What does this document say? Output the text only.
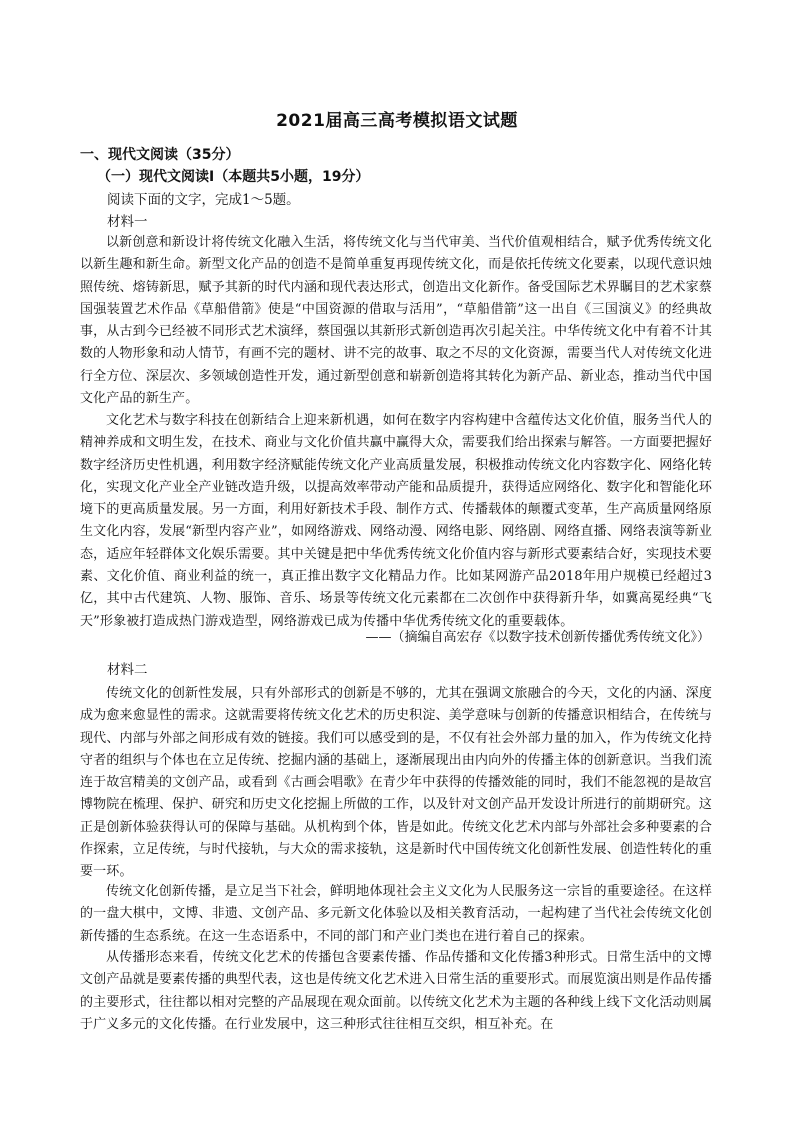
2021届高三高考模拟语文试题
一、现代文阅读（35分）
（一）现代文阅读Ⅰ（本题共5小题，19分）
阅读下面的文字，完成1～5题。
材料一

以新创意和新设计将传统文化融入生活，将传统文化与当代审美、当代价值观相结合，赋予优秀传统文化以新生趣和新生命。新型文化产品的创造不是简单重复再现传统文化，而是依托传统文化要素，以现代意识烛照传统、熔铸新思，赋予其新的时代内涵和现代表达形式，创造出文化新作。备受国际艺术界瞩目的艺术家蔡国强装置艺术作品《草船借箭》使是“中国资源的借取与活用”，“草船借箭”这一出自《三国演义》的经典故事，从古到今已经被不同形式艺术演绎，蔡国强以其新形式新创造再次引起关注。中华传统文化中有着不计其数的人物形象和动人情节，有画不完的题材、讲不完的故事、取之不尽的文化资源，需要当代人对传统文化进行全方位、深层次、多领域创造性开发，通过新型创意和崭新创造将其转化为新产品、新业态，推动当代中国文化产品的新生产。

文化艺术与数字科技在创新结合上迎来新机遇，如何在数字内容构建中含蕴传达文化价值，服务当代人的精神养成和文明生发，在技术、商业与文化价值共赢中赢得大众，需要我们给出探索与解答。一方面要把握好数字经济历史性机遇，利用数字经济赋能传统文化产业高质量发展，积极推动传统文化内容数字化、网络化转化，实现文化产业全产业链改造升级，以提高效率带动产能和品质提升，获得适应网络化、数字化和智能化环境下的更高质量发展。另一方面，利用好新技术手段、制作方式、传播载体的颠覆式变革，生产高质量网络原生文化内容，发展“新型内容产业”，如网络游戏、网络动漫、网络电影、网络剧、网络直播、网络表演等新业态，适应年轻群体文化娱乐需要。其中关键是把中华优秀传统文化价值内容与新形式要素结合好，实现技术要素、文化价值、商业利益的统一，真正推出数字文化精品力作。比如某网游产品2018年用户规模已经超过3亿，其中古代建筑、人物、服饰、音乐、场景等传统文化元素都在二次创作中获得新升华，如冀高冕经典“飞天”形象被打造成热门游戏造型，网络游戏已成为传播中华优秀传统文化的重要载体。

——（摘编自高宏存《以数字技术创新传播优秀传统文化》）
材料二

传统文化的创新性发展，只有外部形式的创新是不够的，尤其在强调文旅融合的今天，文化的内涵、深度成为愈来愈显性的需求。这就需要将传统文化艺术的历史积淀、美学意味与创新的传播意识相结合，在传统与现代、内部与外部之间形成有效的链接。我们可以感受到的是，不仅有社会外部力量的加入，作为传统文化持守者的组织与个体也在立足传统、挖掘内涵的基础上，逐渐展现出由内向外的传播主体的创新意识。当我们流连于故宫精美的文创产品，或看到《古画会唱歌》在青少年中获得的传播效能的同时，我们不能忽视的是故宫博物院在梳理、保护、研究和历史文化挖掘上所做的工作，以及针对文创产品开发设计所进行的前期研究。这正是创新体验获得认可的保障与基础。从机构到个体，皆是如此。传统文化艺术内部与外部社会多种要素的合作探索，立足传统，与时代接轨，与大众的需求接轨，这是新时代中国传统文化创新性发展、创造性转化的重要一环。

传统文化创新传播，是立足当下社会，鲜明地体现社会主义文化为人民服务这一宗旨的重要途径。在这样的一盘大棋中，文博、非遗、文创产品、多元新文化体验以及相关教育活动，一起构建了当代社会传统文化创新传播的生态系统。在这一生态语系中，不同的部门和产业门类也在进行着自己的探索。

从传播形态来看，传统文化艺术的传播包含要素传播、作品传播和文化传播3种形式。日常生活中的文博文创产品就是要素传播的典型代表，这也是传统文化艺术进入日常生活的重要形式。而展览演出则是作品传播的主要形式，往往都以相对完整的产品展现在观众面前。以传统文化艺术为主题的各种线上线下文化活动则属于广义多元的文化传播。在行业发展中，这三种形式往往相互交织，相互补充。在
